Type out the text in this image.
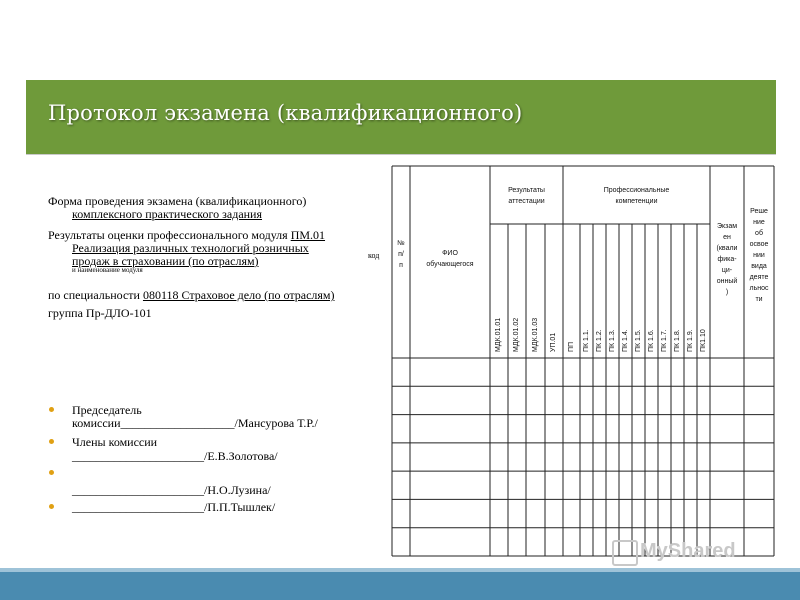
Протокол экзамена (квалификационного)
Форма проведения экзамена (квалификационного)
комплексного практического задания
Результаты оценки профессионального модуля ПМ.01
Реализация различных технологий розничных
продаж в страховании (по отраслям)	код
и наименование модуля
по специальности 080118 Страховое дело (по отраслям)
группа Пр-ДЛО-101
Председатель
комиссии___________________/Мансурова Т.Р./
Члены комиссии
______________________/Е.В.Золотова/
______________________/Н.О.Лузина/
______________________/П.П.Тышлек/
№
п/
п
ФИО
обучающегося
Результаты
аттестации
Профессиональные
компетенции
Экзам
ен
(квали
фика-
ци-
онный
)
Реше
ние
об
освое
нии
вида
деяте
льнос
ти
МДК.01.01 МДК.01.02 МДК.01.03 УП.01 ПП ПК 1.1. ПК 1.2. ПК 1.3. ПК 1.4. ПК 1.5. ПК 1.6. ПК 1.7. ПК 1.8. ПК 1.9. ПК1.10
MyShared
